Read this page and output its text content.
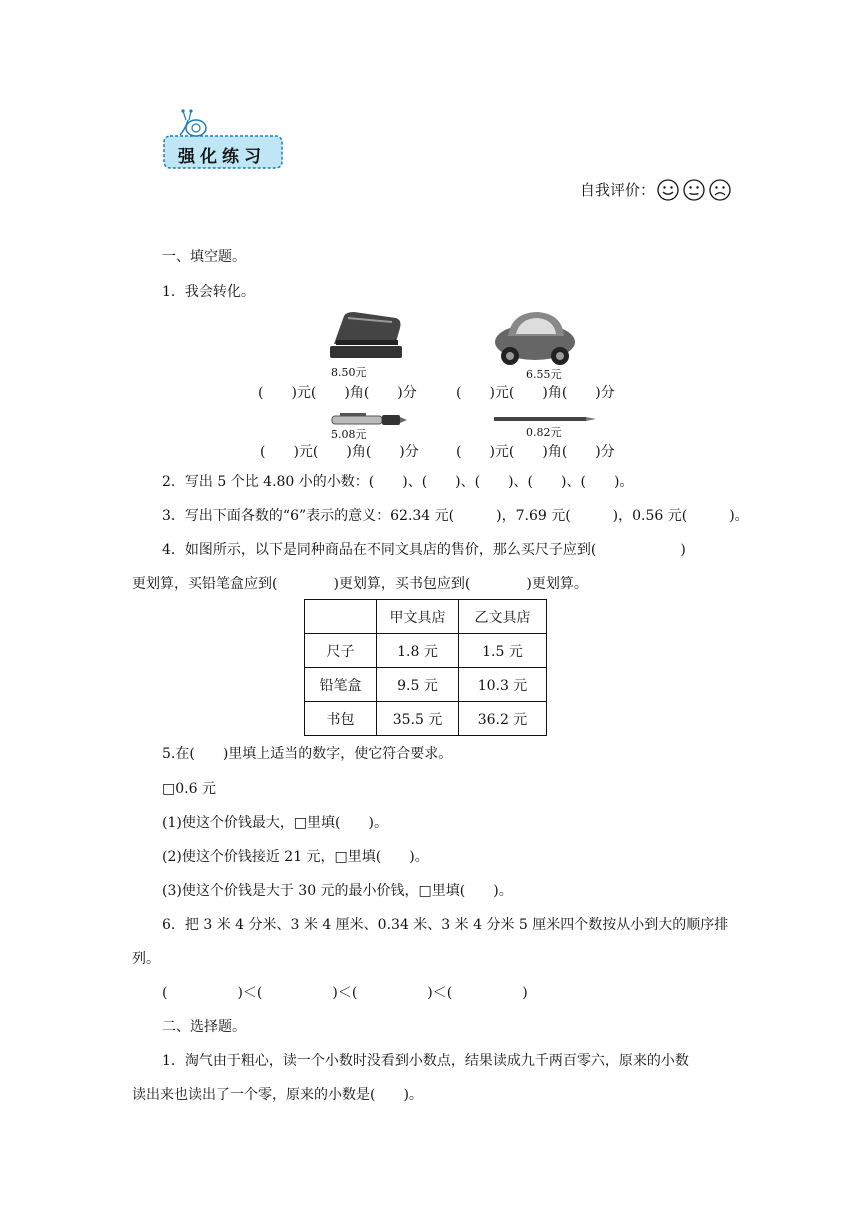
强化练习
自我评价：
一、填空题。
1．我会转化。
8.50元	6.55元
(　　)元(　　)角(　　)分	(　　)元(　　)角(　　)分
5.08元	0.82元
(　　)元(　　)角(　　)分	(　　)元(　　)角(　　)分
2．写出 5 个比 4.80 小的小数：(　　)、(　　)、(　　)、(　　)、(　　)。
3．写出下面各数的“6”表示的意义：62.34 元(　　　)，7.69 元(　　　)，0.56 元(　　　)。
4．如图所示，以下是同种商品在不同文具店的售价，那么买尺子应到(　　　　　　)
更划算，买铅笔盒应到(　　　　)更划算，买书包应到(　　　　)更划算。
	甲文具店	乙文具店
尺子	1.8 元	1.5 元
铅笔盒	9.5 元	10.3 元
书包	35.5 元	36.2 元
5.在(　　)里填上适当的数字，使它符合要求。
□0.6 元
(1)使这个价钱最大，□里填(　　)。
(2)使这个价钱接近 21 元，□里填(　　)。
(3)使这个价钱是大于 30 元的最小价钱，□里填(　　)。
6．把 3 米 4 分米、3 米 4 厘米、0.34 米、3 米 4 分米 5 厘米四个数按从小到大的顺序排
列。
(　　　　　)＜(　　　　　)＜(　　　　　)＜(　　　　　)
二、选择题。
1．淘气由于粗心，读一个小数时没看到小数点，结果读成九千两百零六，原来的小数
读出来也读出了一个零，原来的小数是(　　)。
